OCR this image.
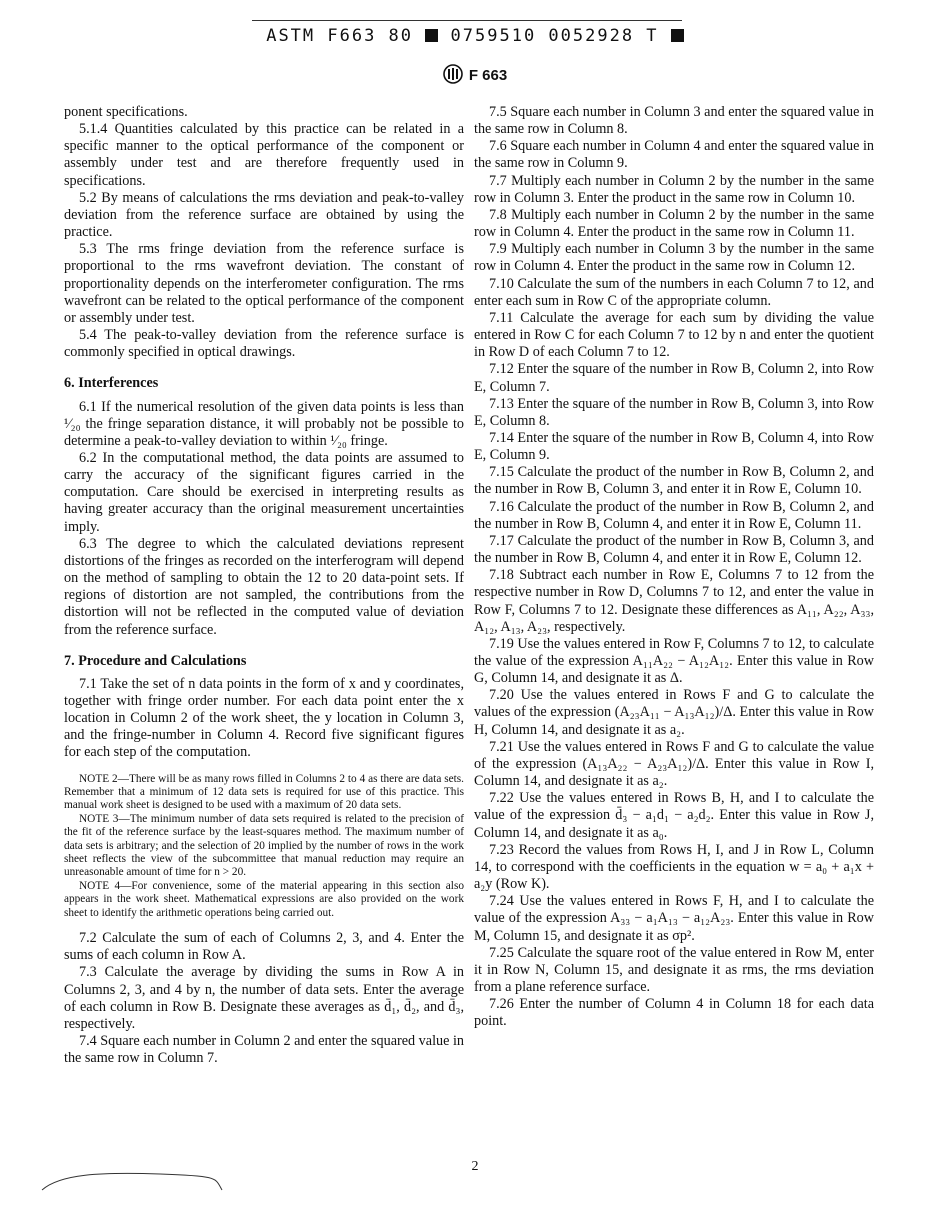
ASTM F663 80 0759510 0052928 T
F 663

ponent specifications.

5.1.4 Quantities calculated by this practice can be related in a specific manner to the optical performance of the component or assembly under test and are therefore frequently used in specifications.

5.2 By means of calculations the rms deviation and peak-to-valley deviation from the reference surface are obtained by using the practice.

5.3 The rms fringe deviation from the reference surface is proportional to the rms wavefront deviation. The constant of proportionality depends on the interferometer configuration. The rms wavefront can be related to the optical performance of the component or assembly under test.

5.4 The peak-to-valley deviation from the reference surface is commonly specified in optical drawings.

6. Interferences

6.1 If the numerical resolution of the given data points is less than ¹⁄₂₀ the fringe separation distance, it will probably not be possible to determine a peak-to-valley deviation to within ¹⁄₂₀ fringe.

6.2 In the computational method, the data points are assumed to carry the accuracy of the significant figures carried in the computation. Care should be exercised in interpreting results as having greater accuracy than the original measurement uncertainties imply.

6.3 The degree to which the calculated deviations represent distortions of the fringes as recorded on the interferogram will depend on the method of sampling to obtain the 12 to 20 data-point sets. If regions of distortion are not sampled, the contributions from the distortion will not be reflected in the computed value of deviation from the reference surface.

7. Procedure and Calculations

7.1 Take the set of n data points in the form of x and y coordinates, together with fringe order number. For each data point enter the x location in Column 2 of the work sheet, the y location in Column 3, and the fringe-number in Column 4. Record five significant figures for each step of the computation.

NOTE 2—There will be as many rows filled in Columns 2 to 4 as there are data sets. Remember that a minimum of 12 data sets is required for use of this practice. This manual work sheet is designed to be used with a maximum of 20 data sets.

NOTE 3—The minimum number of data sets required is related to the precision of the fit of the reference surface by the least-squares method. The maximum number of data sets is arbitrary; and the selection of 20 implied by the number of rows in the work sheet reflects the view of the subcommittee that manual reduction may require an unreasonable amount of time for n > 20.

NOTE 4—For convenience, some of the material appearing in this section also appears in the work sheet. Mathematical expressions are also provided on the work sheet to identify the arithmetic operations being carried out.

7.2 Calculate the sum of each of Columns 2, 3, and 4. Enter the sums of each column in Row A.

7.3 Calculate the average by dividing the sums in Row A in Columns 2, 3, and 4 by n, the number of data sets. Enter the average of each column in Row B. Designate these averages as d̄₁, d̄₂, and d̄₃, respectively.

7.4 Square each number in Column 2 and enter the squared value in the same row in Column 7.

7.5 Square each number in Column 3 and enter the squared value in the same row in Column 8.

7.6 Square each number in Column 4 and enter the squared value in the same row in Column 9.

7.7 Multiply each number in Column 2 by the number in the same row in Column 3. Enter the product in the same row in Column 10.

7.8 Multiply each number in Column 2 by the number in the same row in Column 4. Enter the product in the same row in Column 11.

7.9 Multiply each number in Column 3 by the number in the same row in Column 4. Enter the product in the same row in Column 12.

7.10 Calculate the sum of the numbers in each Column 7 to 12, and enter each sum in Row C of the appropriate column.

7.11 Calculate the average for each sum by dividing the value entered in Row C for each Column 7 to 12 by n and enter the quotient in Row D of each Column 7 to 12.

7.12 Enter the square of the number in Row B, Column 2, into Row E, Column 7.

7.13 Enter the square of the number in Row B, Column 3, into Row E, Column 8.

7.14 Enter the square of the number in Row B, Column 4, into Row E, Column 9.

7.15 Calculate the product of the number in Row B, Column 2, and the number in Row B, Column 3, and enter it in Row E, Column 10.

7.16 Calculate the product of the number in Row B, Column 2, and the number in Row B, Column 4, and enter it in Row E, Column 11.

7.17 Calculate the product of the number in Row B, Column 3, and the number in Row B, Column 4, and enter it in Row E, Column 12.

7.18 Subtract each number in Row E, Columns 7 to 12 from the respective number in Row D, Columns 7 to 12, and enter the value in Row F, Columns 7 to 12. Designate these differences as A₁₁, A₂₂, A₃₃, A₁₂, A₁₃, A₂₃, respectively.

7.19 Use the values entered in Row F, Columns 7 to 12, to calculate the value of the expression A₁₁A₂₂ − A₁₂A₁₂. Enter this value in Row G, Column 14, and designate it as Δ.

7.20 Use the values entered in Rows F and G to calculate the values of the expression (A₂₃A₁₁ − A₁₃A₁₂)/Δ. Enter this value in Row H, Column 14, and designate it as a₂.

7.21 Use the values entered in Rows F and G to calculate the value of the expression (A₁₃A₂₂ − A₂₃A₁₂)/Δ. Enter this value in Row I, Column 14, and designate it as a₂.

7.22 Use the values entered in Rows B, H, and I to calculate the value of the expression d̄₃ − a₁d₁ − a₂d₂. Enter this value in Row J, Column 14, and designate it as a₀.

7.23 Record the values from Rows H, I, and J in Row L, Column 14, to correspond with the coefficients in the equation w = a₀ + a₁x + a₂y (Row K).

7.24 Use the values entered in Rows F, H, and I to calculate the value of the expression A₃₃ − a₁A₁₃ − a₁₂A₂₃. Enter this value in Row M, Column 15, and designate it as σp².

7.25 Calculate the square root of the value entered in Row M, enter it in Row N, Column 15, and designate it as rms, the rms deviation from a plane reference surface.

7.26 Enter the number of Column 4 in Column 18 for each data point.

2
